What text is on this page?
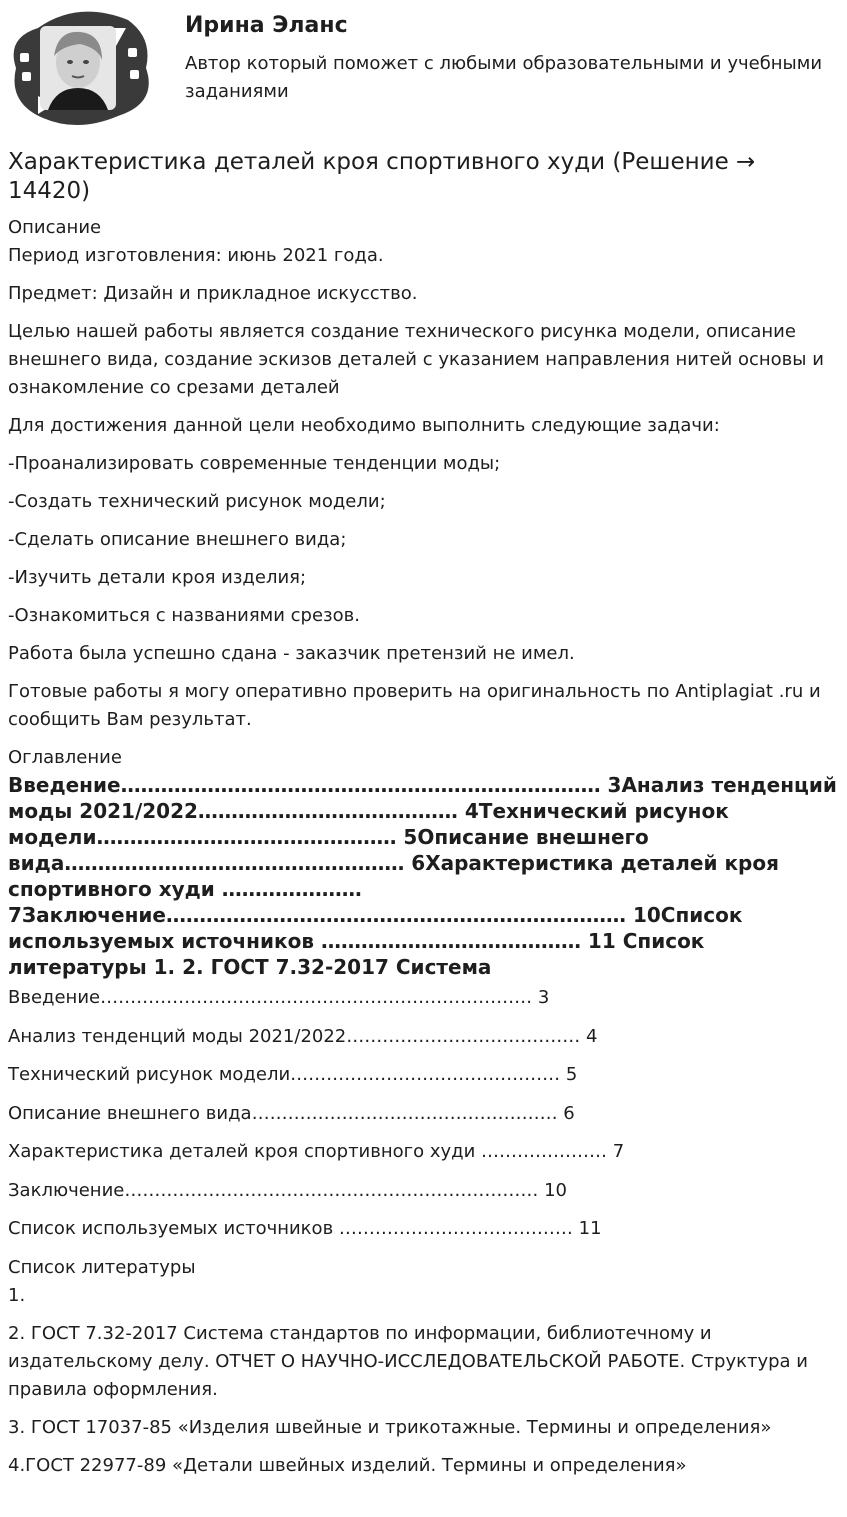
Ирина Эланс
Автор который поможет с любыми образовательными и учебными заданиями
Характеристика деталей кроя спортивного худи (Решение → 14420)
Описание

Период изготовления: июнь 2021 года.

Предмет: Дизайн и прикладное искусство.

Целью нашей работы является создание технического рисунка модели, описание внешнего вида, создание эскизов деталей с указанием направления нитей основы и ознакомление со срезами деталей

Для достижения данной цели необходимо выполнить следующие задачи:

-Проанализировать современные тенденции моды;

-Создать технический рисунок модели;

-Сделать описание внешнего вида;

-Изучить детали кроя изделия;

-Ознакомиться с названиями срезов.

Работа была успешно сдана - заказчик претензий не имел.

Готовые работы я могу оперативно проверить на оригинальность по Antiplagiat .ru и сообщить Вам результат.

Оглавление
Введение……………………………………………………………… 3Анализ тенденций моды 2021/2022………………………………… 4Технический рисунок модели……………………………………… 5Описание внешнего вида…………………………………………… 6Характеристика деталей кроя спортивного худи ………………… 7Заключение…………………………………………………………… 10Список используемых источников ………………………………… 11 Список литературы 1. 2. ГОСТ 7.32-2017 Система

Введение……………………………………………………………… 3

Анализ тенденций моды 2021/2022………………………………… 4

Технический рисунок модели……………………………………… 5

Описание внешнего вида…………………………………………… 6

Характеристика деталей кроя спортивного худи ………………… 7

Заключение…………………………………………………………… 10

Список используемых источников ………………………………… 11

Список литературы

1.

2. ГОСТ 7.32-2017 Система стандартов по информации, библиотечному и издательскому делу. ОТЧЕТ О НАУЧНО-ИССЛЕДОВАТЕЛЬСКОЙ РАБОТЕ. Структура и правила оформления.

3. ГОСТ 17037-85 «Изделия швейные и трикотажные. Термины и определения»

4.ГОСТ 22977-89 «Детали швейных изделий. Термины и определения»
